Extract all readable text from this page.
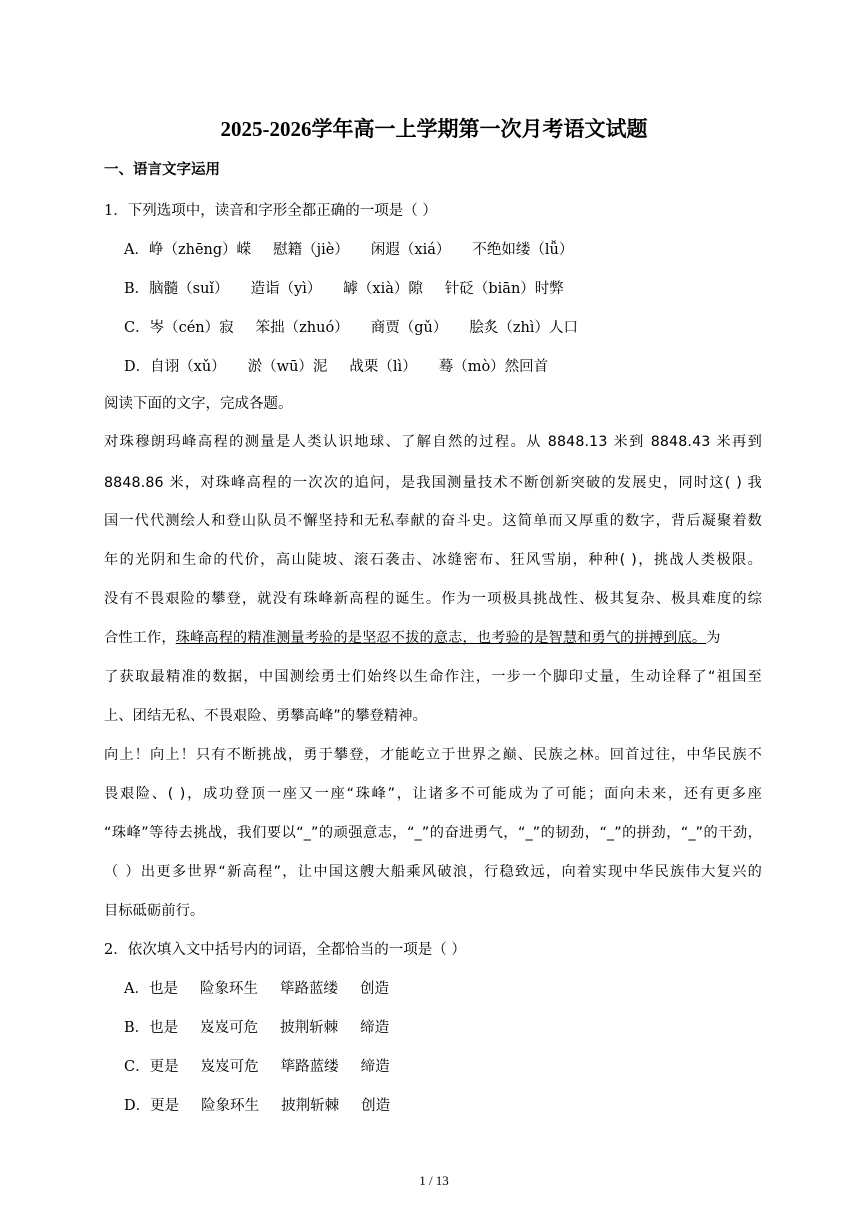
2025-2026学年高一上学期第一次月考语文试题
一、语言文字运用
1．下列选项中，读音和字形全都正确的一项是（ ）
A．峥（zhēng）嵘 慰籍（jiè） 闲遐（xiá） 不绝如缕（lǚ）
B．脑髓（suǐ） 造诣（yì） 罅（xià）隙 针砭（biān）时弊
C．岑（cén）寂 笨拙（zhuó） 商贾（gǔ） 脍炙（zhì）人口
D．自诩（xǔ） 淤（wū）泥 战栗（lì） 蓦（mò）然回首
阅读下面的文字，完成各题。
对珠穆朗玛峰高程的测量是人类认识地球、了解自然的过程。从 8848.13 米到 8848.43 米再到
8848.86 米，对珠峰高程的一次次的追问，是我国测量技术不断创新突破的发展史，同时这( ) 我
国一代代测绘人和登山队员不懈坚持和无私奉献的奋斗史。这简单而又厚重的数字，背后凝聚着数
年的光阴和生命的代价，高山陡坡、滚石袭击、冰缝密布、狂风雪崩，种种( )，挑战人类极限。
没有不畏艰险的攀登，就没有珠峰新高程的诞生。作为一项极具挑战性、极其复杂、极具难度的综
合性工作，珠峰高程的精准测量考验的是坚忍不拔的意志，也考验的是智慧和勇气的拼搏到底。为
了获取最精准的数据，中国测绘勇士们始终以生命作注，一步一个脚印丈量，生动诠释了“祖国至
上、团结无私、不畏艰险、勇攀高峰”的攀登精神。
向上！向上！只有不断挑战，勇于攀登，才能屹立于世界之巅、民族之林。回首过往，中华民族不
畏艰险、( )，成功登顶一座又一座“珠峰”，让诸多不可能成为了可能；面向未来，还有更多座
“珠峰”等待去挑战，我们要以“_”的顽强意志，“_”的奋进勇气，“_”的韧劲，“_”的拼劲，“_”的干劲，
（ ）出更多世界“新高程”，让中国这艘大船乘风破浪，行稳致远，向着实现中华民族伟大复兴的
目标砥砺前行。
2．依次填入文中括号内的词语，全都恰当的一项是（ ）
A．也是 险象环生 筚路蓝缕 创造
B．也是 岌岌可危 披荆斩棘 缔造
C．更是 岌岌可危 筚路蓝缕 缔造
D．更是 险象环生 披荆斩棘 创造
1 / 13
